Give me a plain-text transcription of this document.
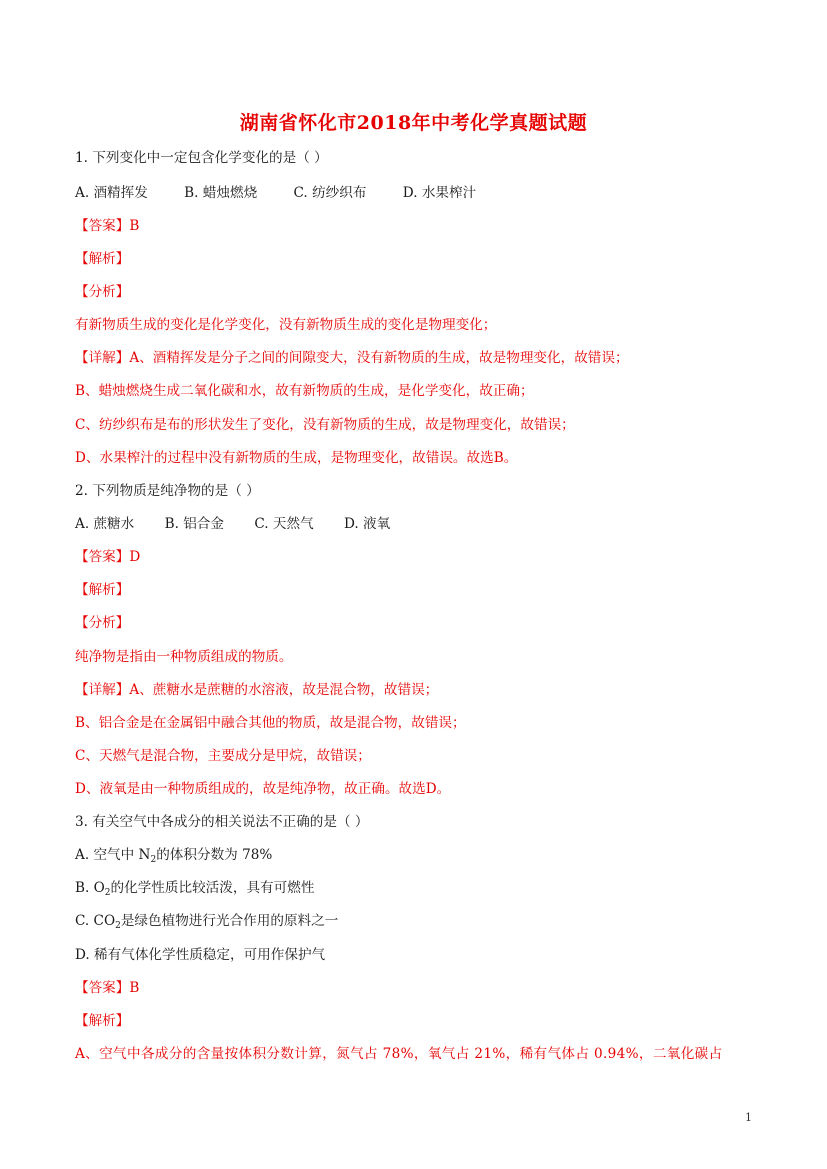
湖南省怀化市2018年中考化学真题试题
1. 下列变化中一定包含化学变化的是（ ）
A. 酒精挥发	B. 蜡烛燃烧	C. 纺纱织布	D. 水果榨汁
【答案】B
【解析】
【分析】
有新物质生成的变化是化学变化，没有新物质生成的变化是物理变化；
【详解】A、酒精挥发是分子之间的间隙变大，没有新物质的生成，故是物理变化，故错误；
B、蜡烛燃烧生成二氧化碳和水，故有新物质的生成，是化学变化，故正确；
C、纺纱织布是布的形状发生了变化，没有新物质的生成，故是物理变化，故错误；
D、水果榨汁的过程中没有新物质的生成，是物理变化，故错误。故选B。
2. 下列物质是纯净物的是（ ）
A. 蔗糖水 B. 铝合金 C. 天然气 D. 液氧
【答案】D
【解析】
【分析】
纯净物是指由一种物质组成的物质。
【详解】A、蔗糖水是蔗糖的水溶液，故是混合物，故错误；
B、铝合金是在金属铝中融合其他的物质，故是混合物，故错误；
C、天燃气是混合物，主要成分是甲烷，故错误；
D、液氧是由一种物质组成的，故是纯净物，故正确。故选D。
3. 有关空气中各成分的相关说法不正确的是（ ）
A. 空气中 $N_2$的体积分数为 78%
B. $O_2$的化学性质比较活泼，具有可燃性
C. $CO_2$是绿色植物进行光合作用的原料之一
D. 稀有气体化学性质稳定，可用作保护气
【答案】B
【解析】
A、空气中各成分的含量按体积分数计算，氮气占 78%，氧气占 21%，稀有气体占 0.94%，二氧化碳占
1
